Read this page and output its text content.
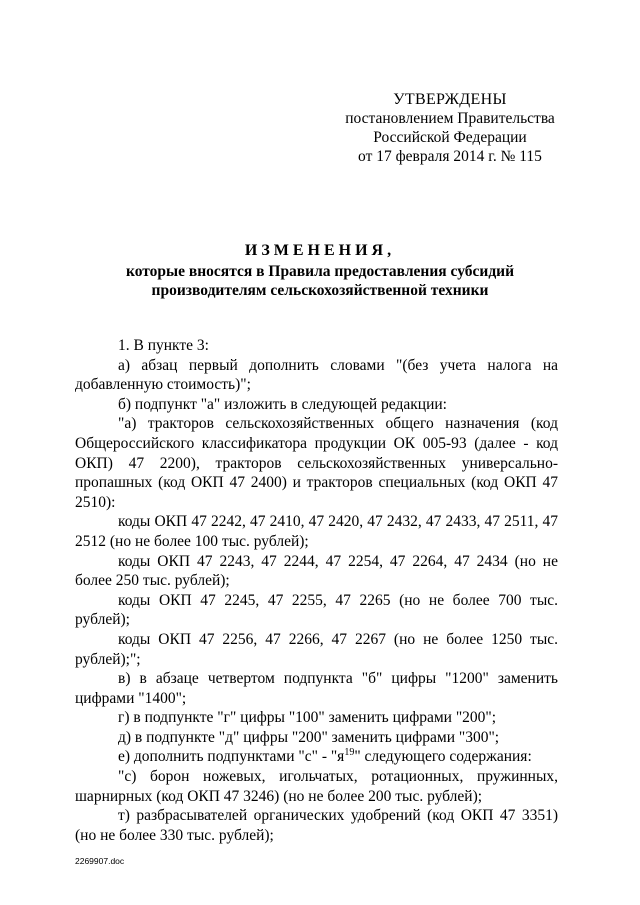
УТВЕРЖДЕНЫ
постановлением Правительства
Российской Федерации
от 17 февраля 2014 г. № 115
ИЗМЕНЕНИЯ,
которые вносятся в Правила предоставления субсидий
производителям сельскохозяйственной техники

1. В пункте 3:

а) абзац первый дополнить словами "(без учета налога на добавленную стоимость)";

б) подпункт "а" изложить в следующей редакции:

"а) тракторов сельскохозяйственных общего назначения (код Общероссийского классификатора продукции ОК 005-93 (далее - код ОКП) 47 2200), тракторов сельскохозяйственных универсально-пропашных (код ОКП 47 2400) и тракторов специальных (код ОКП 47 2510):

коды ОКП 47 2242, 47 2410, 47 2420, 47 2432, 47 2433, 47 2511, 47 2512 (но не более 100 тыс. рублей);

коды ОКП 47 2243, 47 2244, 47 2254, 47 2264, 47 2434 (но не более 250 тыс. рублей);

коды ОКП 47 2245, 47 2255, 47 2265 (но не более 700 тыс. рублей);

коды ОКП 47 2256, 47 2266, 47 2267 (но не более 1250 тыс. рублей);";

в) в абзаце четвертом подпункта "б" цифры "1200" заменить цифрами "1400";

г) в подпункте "г" цифры "100" заменить цифрами "200";

д) в подпункте "д" цифры "200" заменить цифрами "300";

е) дополнить подпунктами "с" - "$я^{19}$" следующего содержания:

"с) борон ножевых, игольчатых, ротационных, пружинных, шарнирных (код ОКП 47 3246) (но не более 200 тыс. рублей);

т) разбрасывателей органических удобрений (код ОКП 47 3351) (но не более 330 тыс. рублей);

2269907.doc
